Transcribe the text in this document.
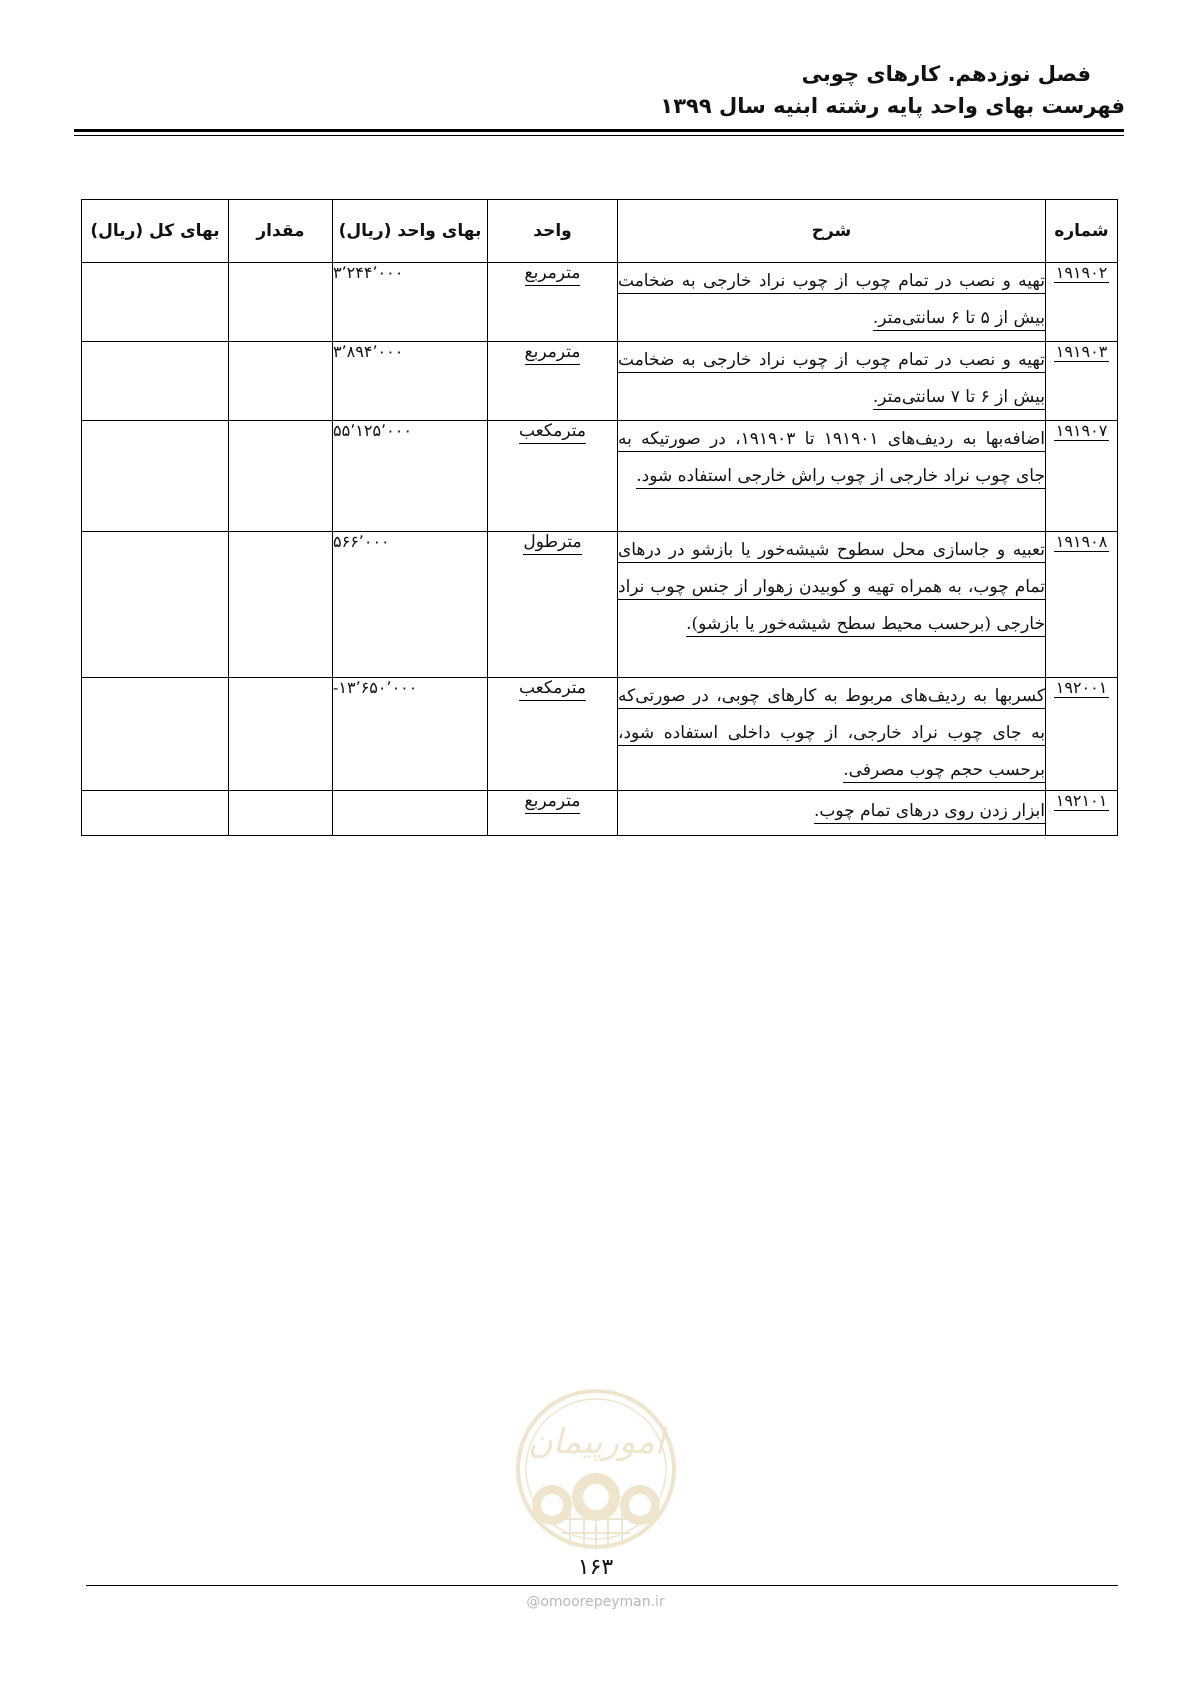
فصل نوزدهم. کارهای چوبی
فهرست بهای واحد پایه رشته ابنیه سال ۱۳۹۹
شماره	شرح	واحد	بهای واحد (ریال)	مقدار	بهای کل (ریال)
۱۹۱۹۰۲	تهیه و نصب در تمام چوب از چوب نراد خارجی به ضخامت بیش از ۵ تا ۶ سانتی‌متر.	مترمربع	۳٬۲۴۴٬۰۰۰		
۱۹۱۹۰۳	تهیه و نصب در تمام چوب از چوب نراد خارجی به ضخامت بیش از ۶ تا ۷ سانتی‌متر.	مترمربع	۳٬۸۹۴٬۰۰۰		
۱۹۱۹۰۷	اضافه‌بها به ردیف‌های ۱۹۱۹۰۱ تا ۱۹۱۹۰۳، در صورتیکه به جای چوب نراد خارجی از چوب راش خارجی استفاده شود.	مترمکعب	۵۵٬۱۲۵٬۰۰۰		
۱۹۱۹۰۸	تعبیه و جاسازی محل سطوح شیشه‌خور یا بازشو در درهای تمام چوب، به همراه تهیه و کوبیدن زهوار از جنس چوب نراد خارجی (برحسب محیط سطح شیشه‌خور یا بازشو).	مترطول	۵۶۶٬۰۰۰		
۱۹۲۰۰۱	کسربها به ردیف‌های مربوط به کارهای چوبی، در صورتی‌که به جای چوب نراد خارجی، از چوب داخلی استفاده شود، برحسب حجم چوب مصرفی.	مترمکعب	-۱۳٬۶۵۰٬۰۰۰		
۱۹۲۱۰۱	ابزار زدن روی درهای تمام چوب.	مترمربع			
امورپیمان
۱۶۳
@omoorepeyman.ir
